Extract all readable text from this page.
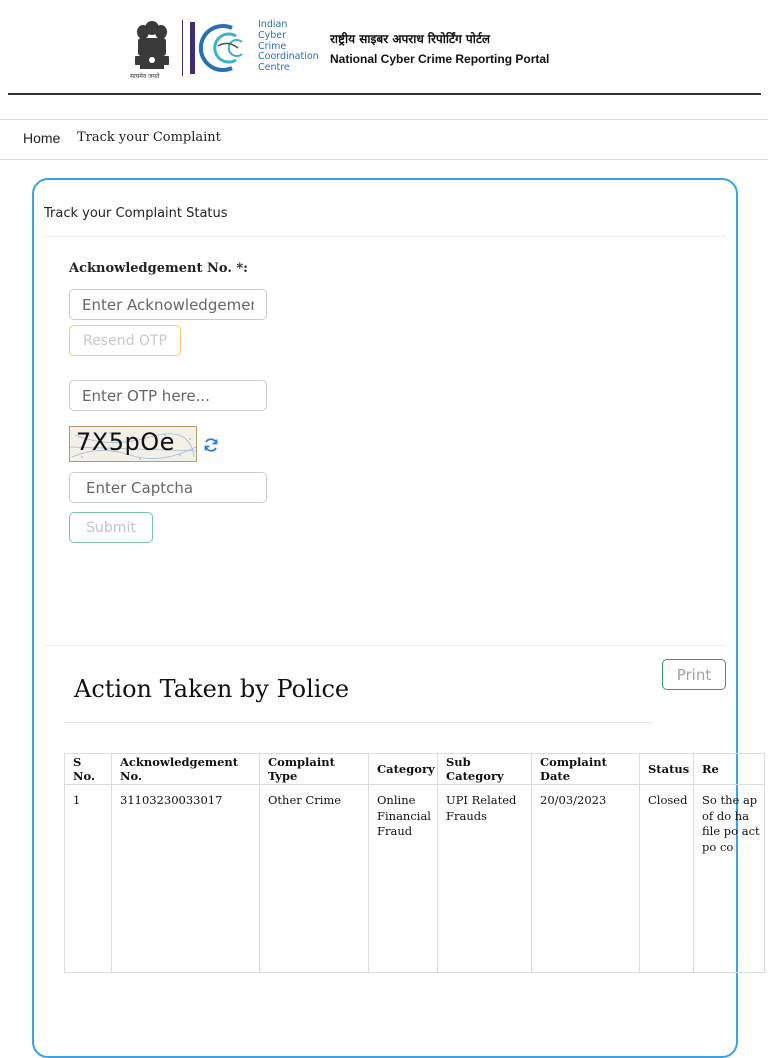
सत्यमेव जयते
Indian
Cyber
Crime
Coordination
Centre
राष्ट्रीय साइबर अपराध रिपोर्टिंग पोर्टल
National Cyber Crime Reporting Portal
Home Track your Complaint
Track your Complaint Status
Acknowledgement No. *:
Enter Acknowledgement No.
Resend OTP
Enter OTP here...
7X5pOe
Enter Captcha
Submit
Print
Action Taken by Police
S No.	Acknowledgement No.	Complaint Type	Category	Sub Category	Complaint Date	Status	Re
1	31103230033017	Other Crime	Online Financial Fraud	UPI Related Frauds	20/03/2023	Closed	So the ap of do ha file po act po co
